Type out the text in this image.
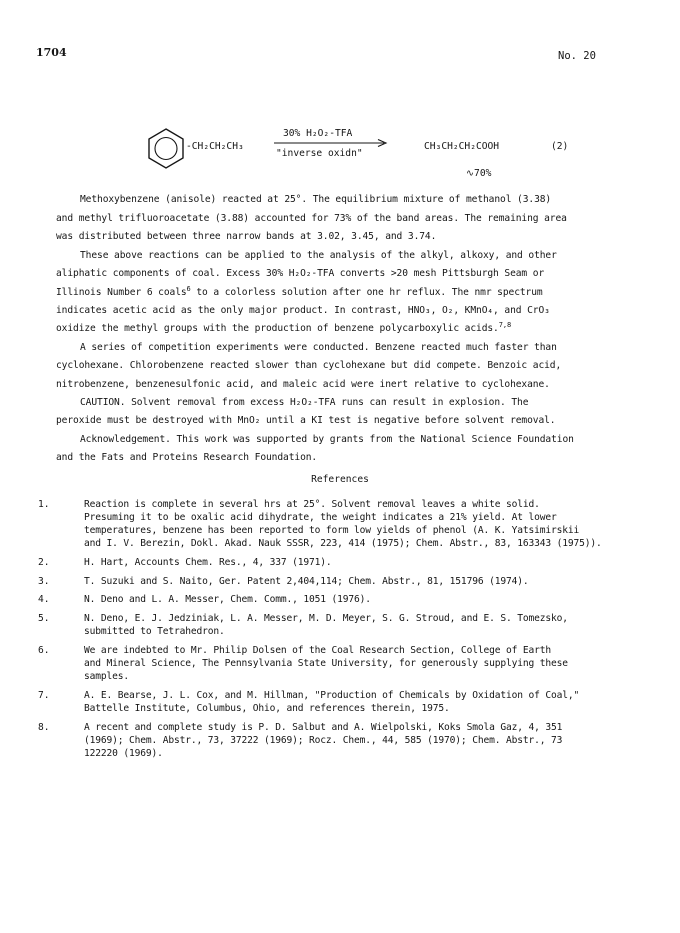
1704	No. 20
-CH₂CH₂CH₃
30% H₂O₂-TFA
"inverse oxidn"
CH₃CH₂CH₂COOH	(2)
∿70%
Methoxybenzene (anisole) reacted at 25°. The equilibrium mixture of methanol (3.38)
and methyl trifluoroacetate (3.88) accounted for 73% of the band areas. The remaining area
was distributed between three narrow bands at 3.02, 3.45, and 3.74.
These above reactions can be applied to the analysis of the alkyl, alkoxy, and other
aliphatic components of coal. Excess 30% H₂O₂-TFA converts >20 mesh Pittsburgh Seam or
Illinois Number 6 coals$^6$ to a colorless solution after one hr reflux. The nmr spectrum
indicates acetic acid as the only major product. In contrast, HNO₃, O₂, KMnO₄, and CrO₃
oxidize the methyl groups with the production of benzene polycarboxylic acids.$^{7,8}$
A series of competition experiments were conducted. Benzene reacted much faster than
cyclohexane. Chlorobenzene reacted slower than cyclohexane but did compete. Benzoic acid,
nitrobenzene, benzenesulfonic acid, and maleic acid were inert relative to cyclohexane.
CAUTION. Solvent removal from excess H₂O₂-TFA runs can result in explosion. The
peroxide must be destroyed with MnO₂ until a KI test is negative before solvent removal.
Acknowledgement. This work was supported by grants from the National Science Foundation
and the Fats and Proteins Research Foundation.
References
1.	Reaction is complete in several hrs at 25°. Solvent removal leaves a white solid.
Presuming it to be oxalic acid dihydrate, the weight indicates a 21% yield. At lower
temperatures, benzene has been reported to form low yields of phenol (A. K. Yatsimirskii
and I. V. Berezin, Dokl. Akad. Nauk SSSR, 223, 414 (1975); Chem. Abstr., 83, 163343 (1975)).
2.	H. Hart, Accounts Chem. Res., 4, 337 (1971).
3.	T. Suzuki and S. Naito, Ger. Patent 2,404,114; Chem. Abstr., 81, 151796 (1974).
4.	N. Deno and L. A. Messer, Chem. Comm., 1051 (1976).
5.	N. Deno, E. J. Jedziniak, L. A. Messer, M. D. Meyer, S. G. Stroud, and E. S. Tomezsko,
submitted to Tetrahedron.
6.	We are indebted to Mr. Philip Dolsen of the Coal Research Section, College of Earth
and Mineral Science, The Pennsylvania State University, for generously supplying these
samples.
7.	A. E. Bearse, J. L. Cox, and M. Hillman, "Production of Chemicals by Oxidation of Coal,"
Battelle Institute, Columbus, Ohio, and references therein, 1975.
8.	A recent and complete study is P. D. Salbut and A. Wielpolski, Koks Smola Gaz, 4, 351
(1969); Chem. Abstr., 73, 37222 (1969); Rocz. Chem., 44, 585 (1970); Chem. Abstr., 73
122220 (1969).
